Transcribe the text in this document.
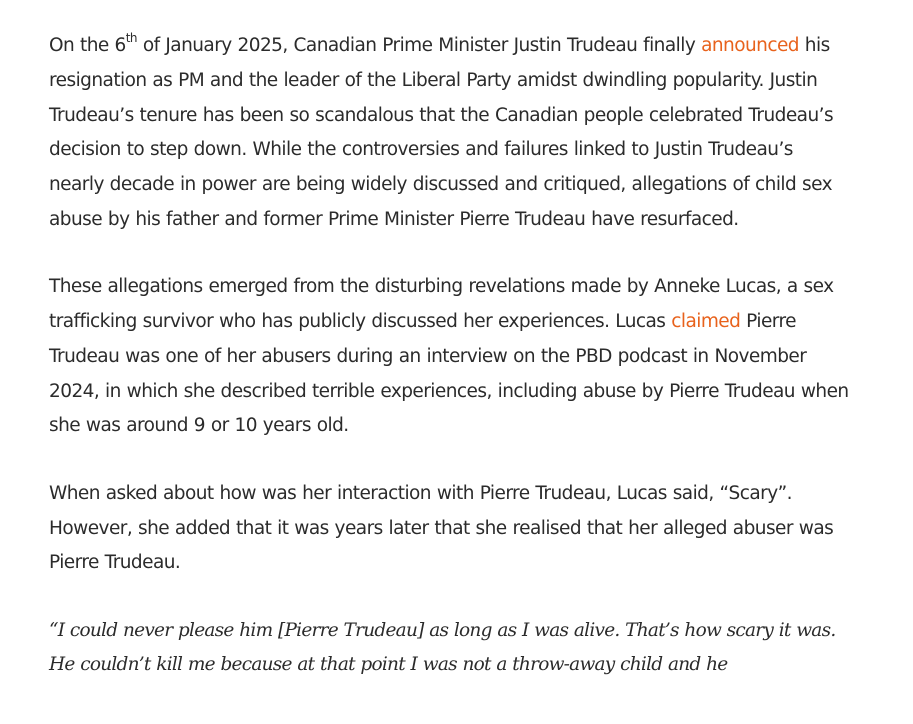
On the 6th of January 2025, Canadian Prime Minister Justin Trudeau finally announced his resignation as PM and the leader of the Liberal Party amidst dwindling popularity. Justin Trudeau’s tenure has been so scandalous that the Canadian people celebrated Trudeau’s decision to step down. While the controversies and failures linked to Justin Trudeau’s nearly decade in power are being widely discussed and critiqued, allegations of child sex abuse by his father and former Prime Minister Pierre Trudeau have resurfaced.

These allegations emerged from the disturbing revelations made by Anneke Lucas, a sex trafficking survivor who has publicly discussed her experiences. Lucas claimed Pierre Trudeau was one of her abusers during an interview on the PBD podcast in November 2024, in which she described terrible experiences, including abuse by Pierre Trudeau when she was around 9 or 10 years old.

When asked about how was her interaction with Pierre Trudeau, Lucas said, “Scary”. However, she added that it was years later that she realised that her alleged abuser was Pierre Trudeau.

“I could never please him [Pierre Trudeau] as long as I was alive. That’s how scary it was. He couldn’t kill me because at that point I was not a throw-away child and he
